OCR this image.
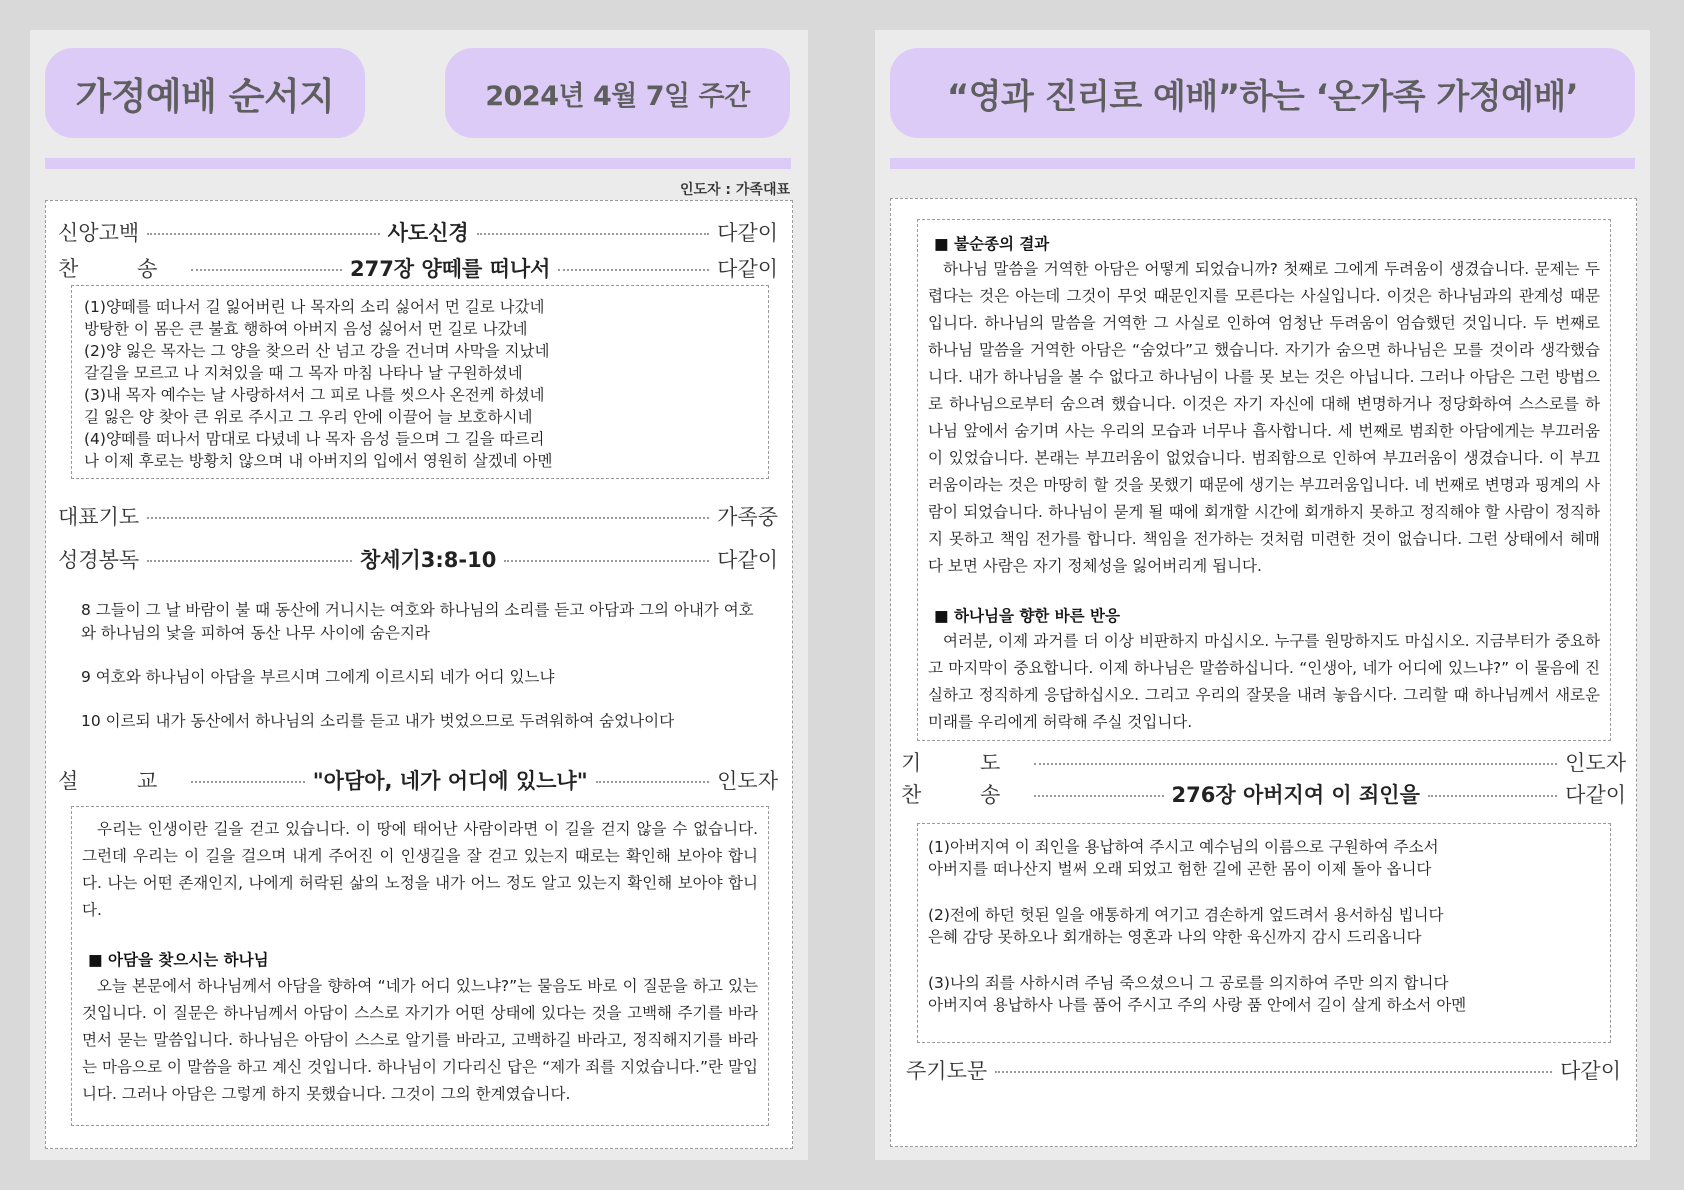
가정예배 순서지	2024년 4월 7일 주간
인도자 : 가족대표
신앙고백	사도신경	다같이
찬 송	277장 양떼를 떠나서	다같이

(1)양떼를 떠나서 길 잃어버린 나 목자의 소리 싫어서 먼 길로 나갔네

방탕한 이 몸은 큰 불효 행하여 아버지 음성 싫어서 먼 길로 나갔네

(2)양 잃은 목자는 그 양을 찾으러 산 넘고 강을 건너며 사막을 지났네

갈길을 모르고 나 지쳐있을 때 그 목자 마침 나타나 날 구원하셨네

(3)내 목자 예수는 날 사랑하셔서 그 피로 나를 씻으사 온전케 하셨네

길 잃은 양 찾아 큰 위로 주시고 그 우리 안에 이끌어 늘 보호하시네

(4)양떼를 떠나서 맘대로 다녔네 나 목자 음성 들으며 그 길을 따르리

나 이제 후로는 방황치 않으며 내 아버지의 입에서 영원히 살겠네 아멘

대표기도	가족중
성경봉독	창세기3:8-10	다같이

8 그들이 그 날 바람이 불 때 동산에 거니시는 여호와 하나님의 소리를 듣고 아담과 그의 아내가 여호와 하나님의 낯을 피하여 동산 나무 사이에 숨은지라

9 여호와 하나님이 아담을 부르시며 그에게 이르시되 네가 어디 있느냐

10 이르되 내가 동산에서 하나님의 소리를 듣고 내가 벗었으므로 두려워하여 숨었나이다

설 교	"아담아, 네가 어디에 있느냐"	인도자

우리는 인생이란 길을 걷고 있습니다. 이 땅에 태어난 사람이라면 이 길을 걷지 않을 수 없습니다. 그런데 우리는 이 길을 걸으며 내게 주어진 이 인생길을 잘 걷고 있는지 때로는 확인해 보아야 합니다. 나는 어떤 존재인지, 나에게 허락된 삶의 노정을 내가 어느 정도 알고 있는지 확인해 보아야 합니다.

■ 아담을 찾으시는 하나님

오늘 본문에서 하나님께서 아담을 향하여 “네가 어디 있느냐?”는 물음도 바로 이 질문을 하고 있는 것입니다. 이 질문은 하나님께서 아담이 스스로 자기가 어떤 상태에 있다는 것을 고백해 주기를 바라면서 묻는 말씀입니다. 하나님은 아담이 스스로 알기를 바라고, 고백하길 바라고, 정직해지기를 바라는 마음으로 이 말씀을 하고 계신 것입니다. 하나님이 기다리신 답은 “제가 죄를 지었습니다.”란 말입니다. 그러나 아담은 그렇게 하지 못했습니다. 그것이 그의 한계였습니다.

“영과 진리로 예배”하는 ‘온가족 가정예배’

■ 불순종의 결과

하나님 말씀을 거역한 아담은 어떻게 되었습니까? 첫째로 그에게 두려움이 생겼습니다. 문제는 두렵다는 것은 아는데 그것이 무엇 때문인지를 모른다는 사실입니다. 이것은 하나님과의 관계성 때문입니다. 하나님의 말씀을 거역한 그 사실로 인하여 엄청난 두려움이 엄습했던 것입니다. 두 번째로 하나님 말씀을 거역한 아담은 “숨었다”고 했습니다. 자기가 숨으면 하나님은 모를 것이라 생각했습니다. 내가 하나님을 볼 수 없다고 하나님이 나를 못 보는 것은 아닙니다. 그러나 아담은 그런 방법으로 하나님으로부터 숨으려 했습니다. 이것은 자기 자신에 대해 변명하거나 정당화하여 스스로를 하나님 앞에서 숨기며 사는 우리의 모습과 너무나 흡사합니다. 세 번째로 범죄한 아담에게는 부끄러움이 있었습니다. 본래는 부끄러움이 없었습니다. 범죄함으로 인하여 부끄러움이 생겼습니다. 이 부끄러움이라는 것은 마땅히 할 것을 못했기 때문에 생기는 부끄러움입니다. 네 번째로 변명과 핑계의 사람이 되었습니다. 하나님이 묻게 될 때에 회개할 시간에 회개하지 못하고 정직해야 할 사람이 정직하지 못하고 책임 전가를 합니다. 책임을 전가하는 것처럼 미련한 것이 없습니다. 그런 상태에서 헤매다 보면 사람은 자기 정체성을 잃어버리게 됩니다.

■ 하나님을 향한 바른 반응

여러분, 이제 과거를 더 이상 비판하지 마십시오. 누구를 원망하지도 마십시오. 지금부터가 중요하고 마지막이 중요합니다. 이제 하나님은 말씀하십니다. “인생아, 네가 어디에 있느냐?” 이 물음에 진실하고 정직하게 응답하십시오. 그리고 우리의 잘못을 내려 놓읍시다. 그리할 때 하나님께서 새로운 미래를 우리에게 허락해 주실 것입니다.

기 도	인도자
찬 송	276장 아버지여 이 죄인을	다같이

(1)아버지여 이 죄인을 용납하여 주시고 예수님의 이름으로 구원하여 주소서

아버지를 떠나산지 벌써 오래 되었고 험한 길에 곤한 몸이 이제 돌아 옵니다

(2)전에 하던 헛된 일을 애통하게 여기고 겸손하게 엎드려서 용서하심 빕니다

은혜 감당 못하오나 회개하는 영혼과 나의 약한 육신까지 감시 드리옵니다

(3)나의 죄를 사하시려 주님 죽으셨으니 그 공로를 의지하여 주만 의지 합니다

아버지여 용납하사 나를 품어 주시고 주의 사랑 품 안에서 길이 살게 하소서 아멘

주기도문	다같이
